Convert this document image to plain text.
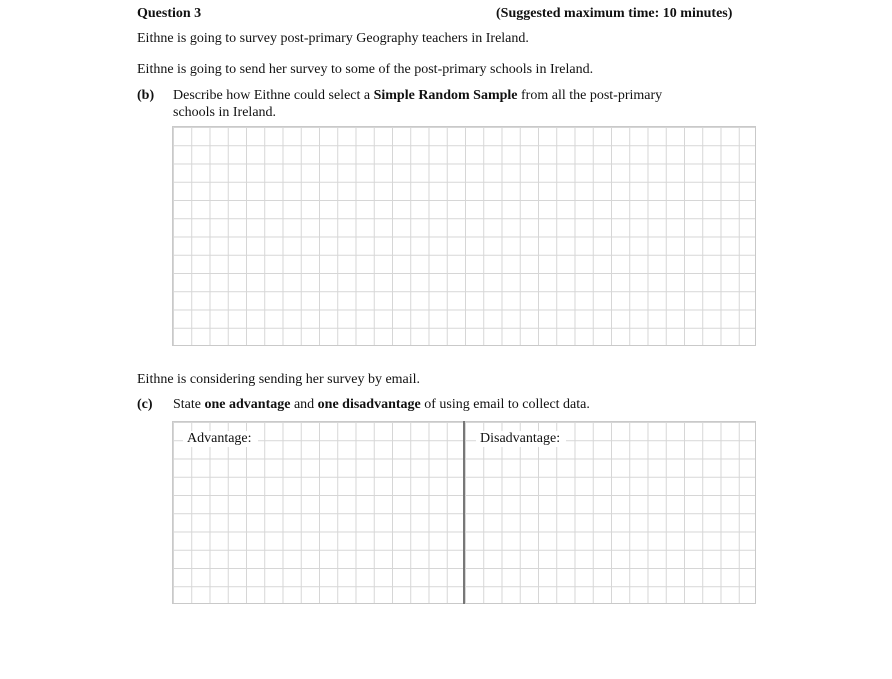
Question 3	(Suggested maximum time: 10 minutes)
Eithne is going to survey post-primary Geography teachers in Ireland.
Eithne is going to send her survey to some of the post-primary schools in Ireland.
(b) Describe how Eithne could select a Simple Random Sample from all the post-primary
schools in Ireland.
Eithne is considering sending her survey by email.
(c) State one advantage and one disadvantage of using email to collect data.
Advantage:	Disadvantage:
